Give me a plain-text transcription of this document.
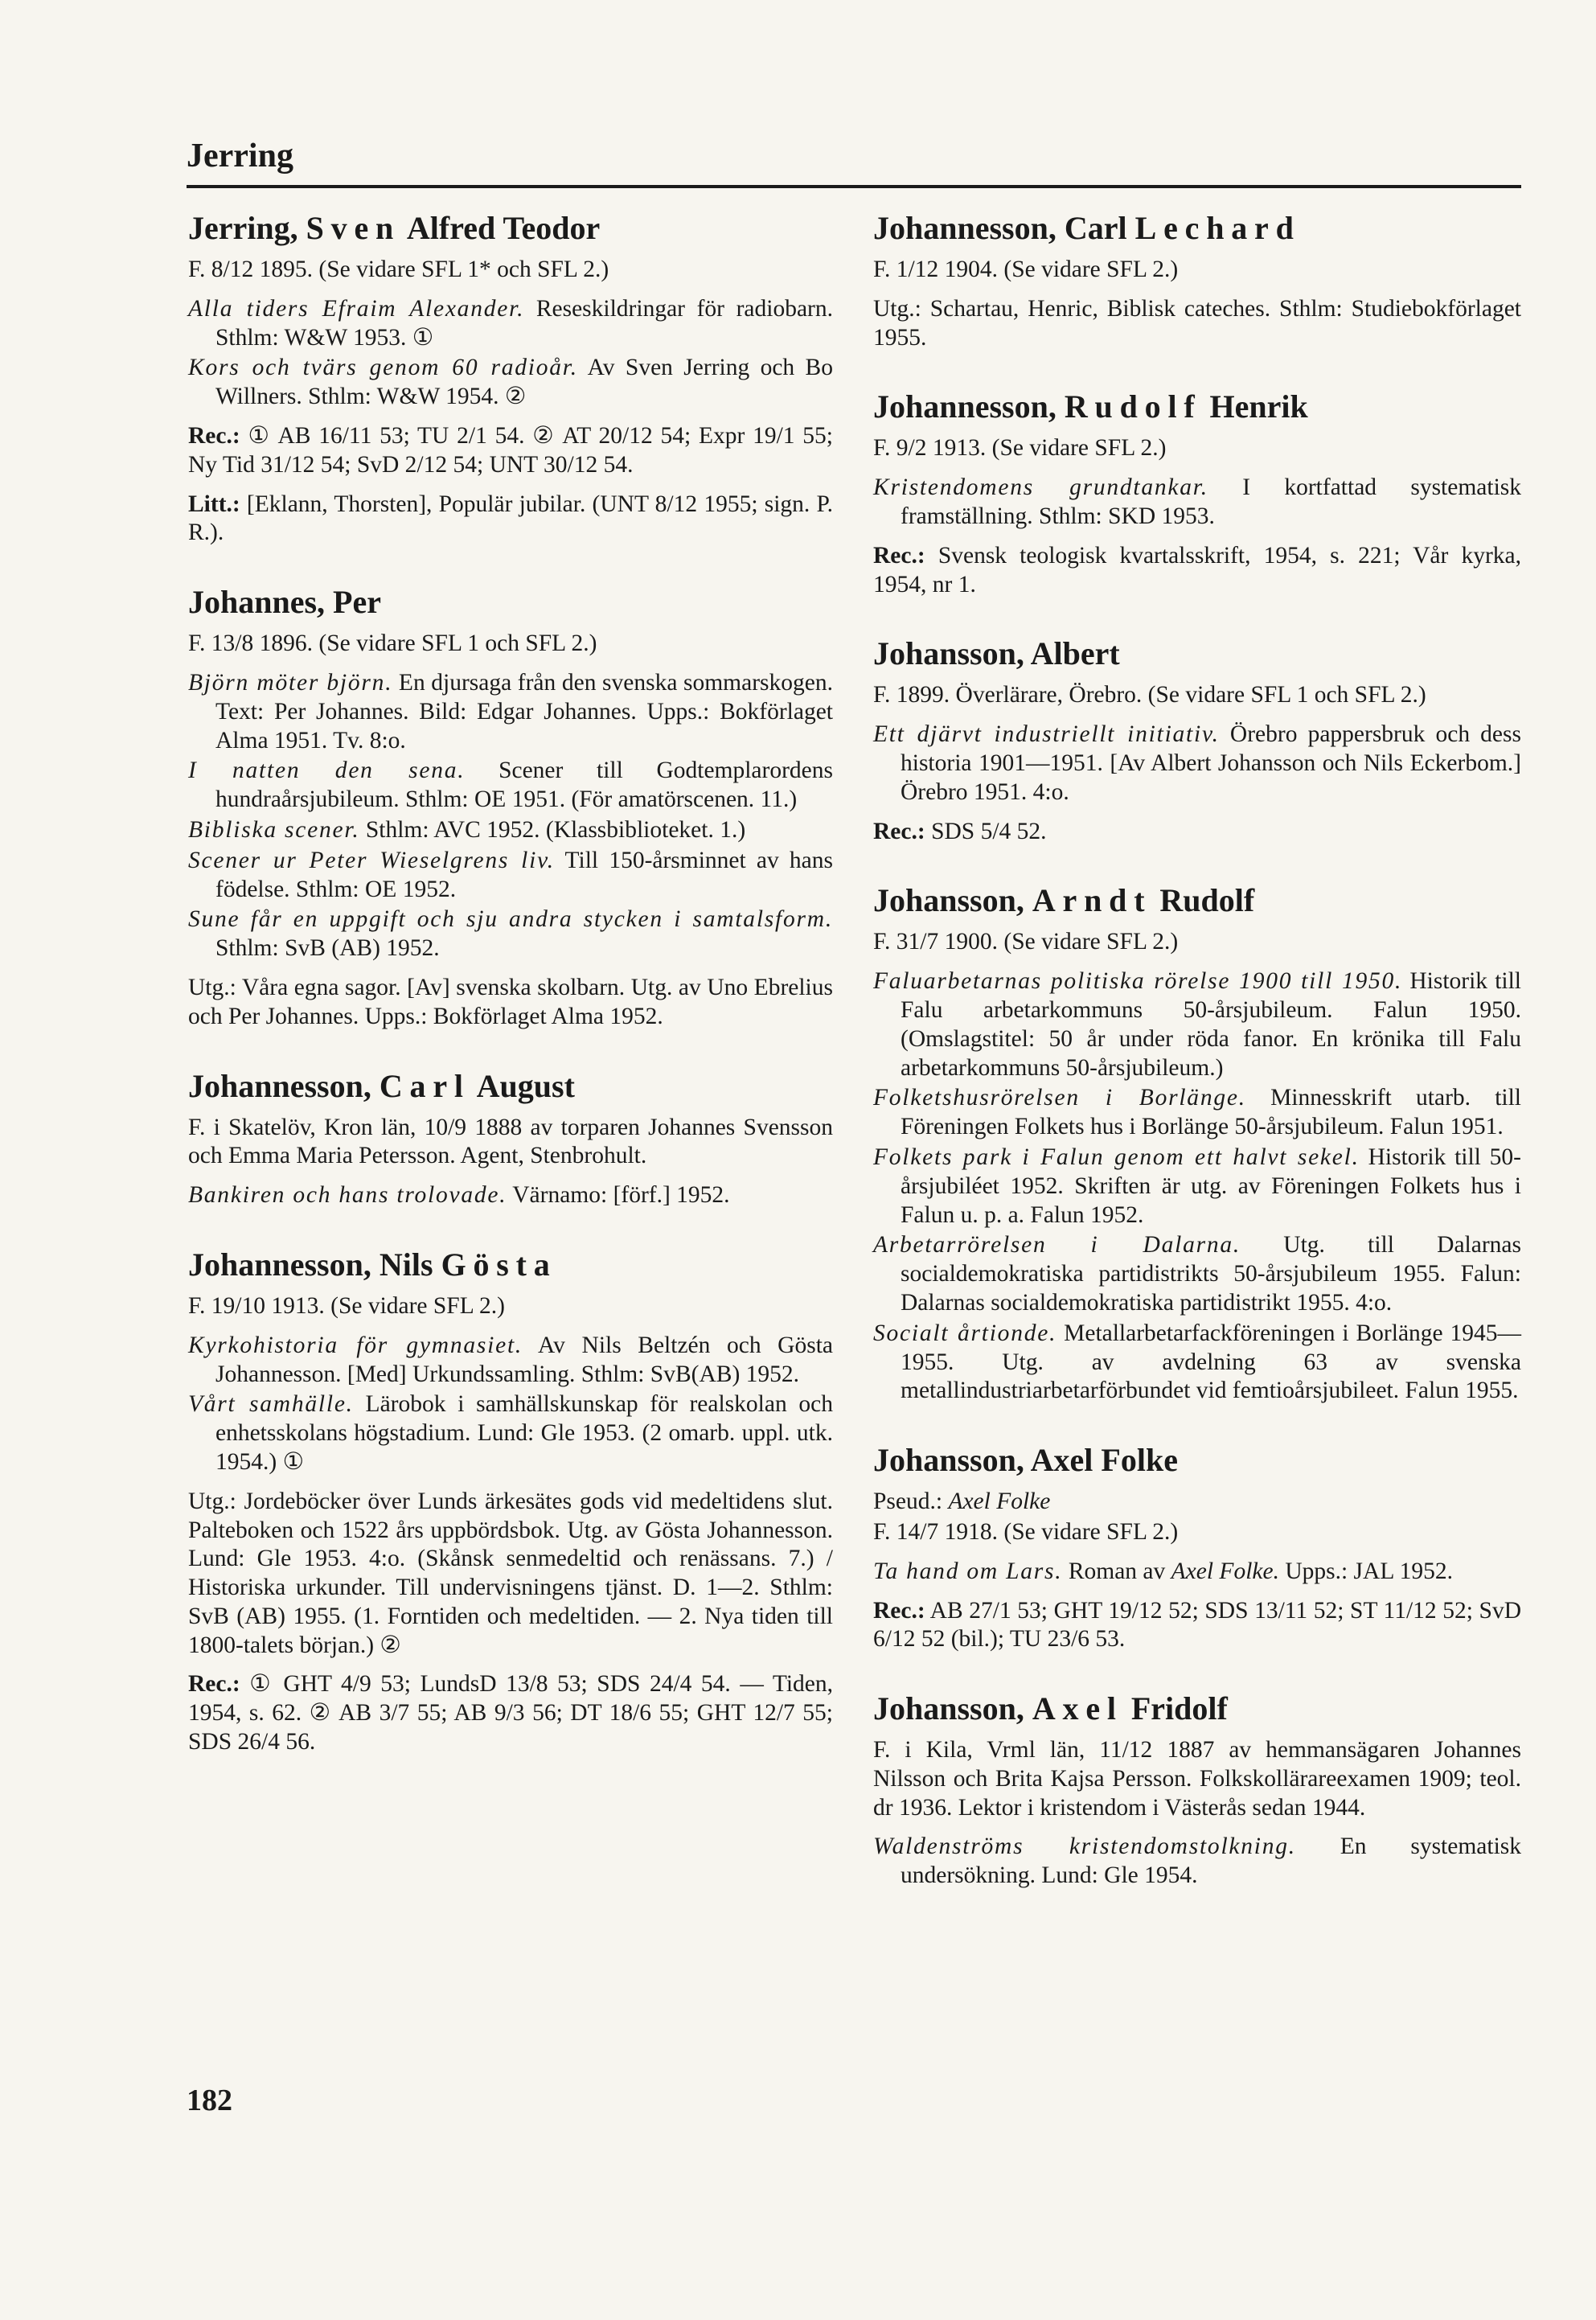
Jerring
Jerring, Sven Alfred Teodor

F. 8/12 1895. (Se vidare SFL 1* och SFL 2.)

Alla tiders Efraim Alexander. Reseskildringar för radiobarn. Sthlm: W&W 1953. ①

Kors och tvärs genom 60 radioår. Av Sven Jerring och Bo Willners. Sthlm: W&W 1954. ②

Rec.: ① AB 16/11 53; TU 2/1 54. ② AT 20/12 54; Expr 19/1 55; Ny Tid 31/12 54; SvD 2/12 54; UNT 30/12 54.

Litt.: [Eklann, Thorsten], Populär jubilar. (UNT 8/12 1955; sign. P. R.).

Johannes, Per

F. 13/8 1896. (Se vidare SFL 1 och SFL 2.)

Björn möter björn. En djursaga från den svenska sommarskogen. Text: Per Johannes. Bild: Edgar Johannes. Upps.: Bokförlaget Alma 1951. Tv. 8:o.

I natten den sena. Scener till Godtemplarordens hundraårsjubileum. Sthlm: OE 1951. (För amatörscenen. 11.)

Bibliska scener. Sthlm: AVC 1952. (Klassbiblioteket. 1.)

Scener ur Peter Wieselgrens liv. Till 150-årsminnet av hans födelse. Sthlm: OE 1952.

Sune får en uppgift och sju andra stycken i samtalsform. Sthlm: SvB (AB) 1952.

Utg.: Våra egna sagor. [Av] svenska skolbarn. Utg. av Uno Ebrelius och Per Johannes. Upps.: Bokförlaget Alma 1952.

Johannesson, Carl August

F. i Skatelöv, Kron län, 10/9 1888 av torparen Johannes Svensson och Emma Maria Petersson. Agent, Stenbrohult.

Bankiren och hans trolovade. Värnamo: [förf.] 1952.

Johannesson, Nils Gösta

F. 19/10 1913. (Se vidare SFL 2.)

Kyrkohistoria för gymnasiet. Av Nils Beltzén och Gösta Johannesson. [Med] Urkundssamling. Sthlm: SvB(AB) 1952.

Vårt samhälle. Lärobok i samhällskunskap för realskolan och enhetsskolans högstadium. Lund: Gle 1953. (2 omarb. uppl. utk. 1954.) ①

Utg.: Jordeböcker över Lunds ärkesätes gods vid medeltidens slut. Palteboken och 1522 års uppbördsbok. Utg. av Gösta Johannesson. Lund: Gle 1953. 4:o. (Skånsk senmedeltid och renässans. 7.) / Historiska urkunder. Till undervisningens tjänst. D. 1—2. Sthlm: SvB (AB) 1955. (1. Forntiden och medeltiden. — 2. Nya tiden till 1800-talets början.) ②

Rec.: ① GHT 4/9 53; LundsD 13/8 53; SDS 24/4 54. — Tiden, 1954, s. 62. ② AB 3/7 55; AB 9/3 56; DT 18/6 55; GHT 12/7 55; SDS 26/4 56.

Johannesson, Carl Lechard

F. 1/12 1904. (Se vidare SFL 2.)

Utg.: Schartau, Henric, Biblisk cateches. Sthlm: Studiebokförlaget 1955.

Johannesson, Rudolf Henrik

F. 9/2 1913. (Se vidare SFL 2.)

Kristendomens grundtankar. I kortfattad systematisk framställning. Sthlm: SKD 1953.

Rec.: Svensk teologisk kvartalsskrift, 1954, s. 221; Vår kyrka, 1954, nr 1.

Johansson, Albert

F. 1899. Överlärare, Örebro. (Se vidare SFL 1 och SFL 2.)

Ett djärvt industriellt initiativ. Örebro pappersbruk och dess historia 1901—1951. [Av Albert Johansson och Nils Eckerbom.] Örebro 1951. 4:o.

Rec.: SDS 5/4 52.

Johansson, Arndt Rudolf

F. 31/7 1900. (Se vidare SFL 2.)

Faluarbetarnas politiska rörelse 1900 till 1950. Historik till Falu arbetarkommuns 50-årsjubileum. Falun 1950. (Omslagstitel: 50 år under röda fanor. En krönika till Falu arbetarkommuns 50-årsjubileum.)

Folketshusrörelsen i Borlänge. Minnesskrift utarb. till Föreningen Folkets hus i Borlänge 50-årsjubileum. Falun 1951.

Folkets park i Falun genom ett halvt sekel. Historik till 50-årsjubiléet 1952. Skriften är utg. av Föreningen Folkets hus i Falun u. p. a. Falun 1952.

Arbetarrörelsen i Dalarna. Utg. till Dalarnas socialdemokratiska partidistrikts 50-årsjubileum 1955. Falun: Dalarnas socialdemokratiska partidistrikt 1955. 4:o.

Socialt årtionde. Metallarbetarfackföreningen i Borlänge 1945—1955. Utg. av avdelning 63 av svenska metallindustriarbetarförbundet vid femtioårsjubileet. Falun 1955.

Johansson, Axel Folke

Pseud.: Axel Folke

F. 14/7 1918. (Se vidare SFL 2.)

Ta hand om Lars. Roman av Axel Folke. Upps.: JAL 1952.

Rec.: AB 27/1 53; GHT 19/12 52; SDS 13/11 52; ST 11/12 52; SvD 6/12 52 (bil.); TU 23/6 53.

Johansson, Axel Fridolf

F. i Kila, Vrml län, 11/12 1887 av hemmansägaren Johannes Nilsson och Brita Kajsa Persson. Folkskollärareexamen 1909; teol. dr 1936. Lektor i kristendom i Västerås sedan 1944.

Waldenströms kristendomstolkning. En systematisk undersökning. Lund: Gle 1954.

182
